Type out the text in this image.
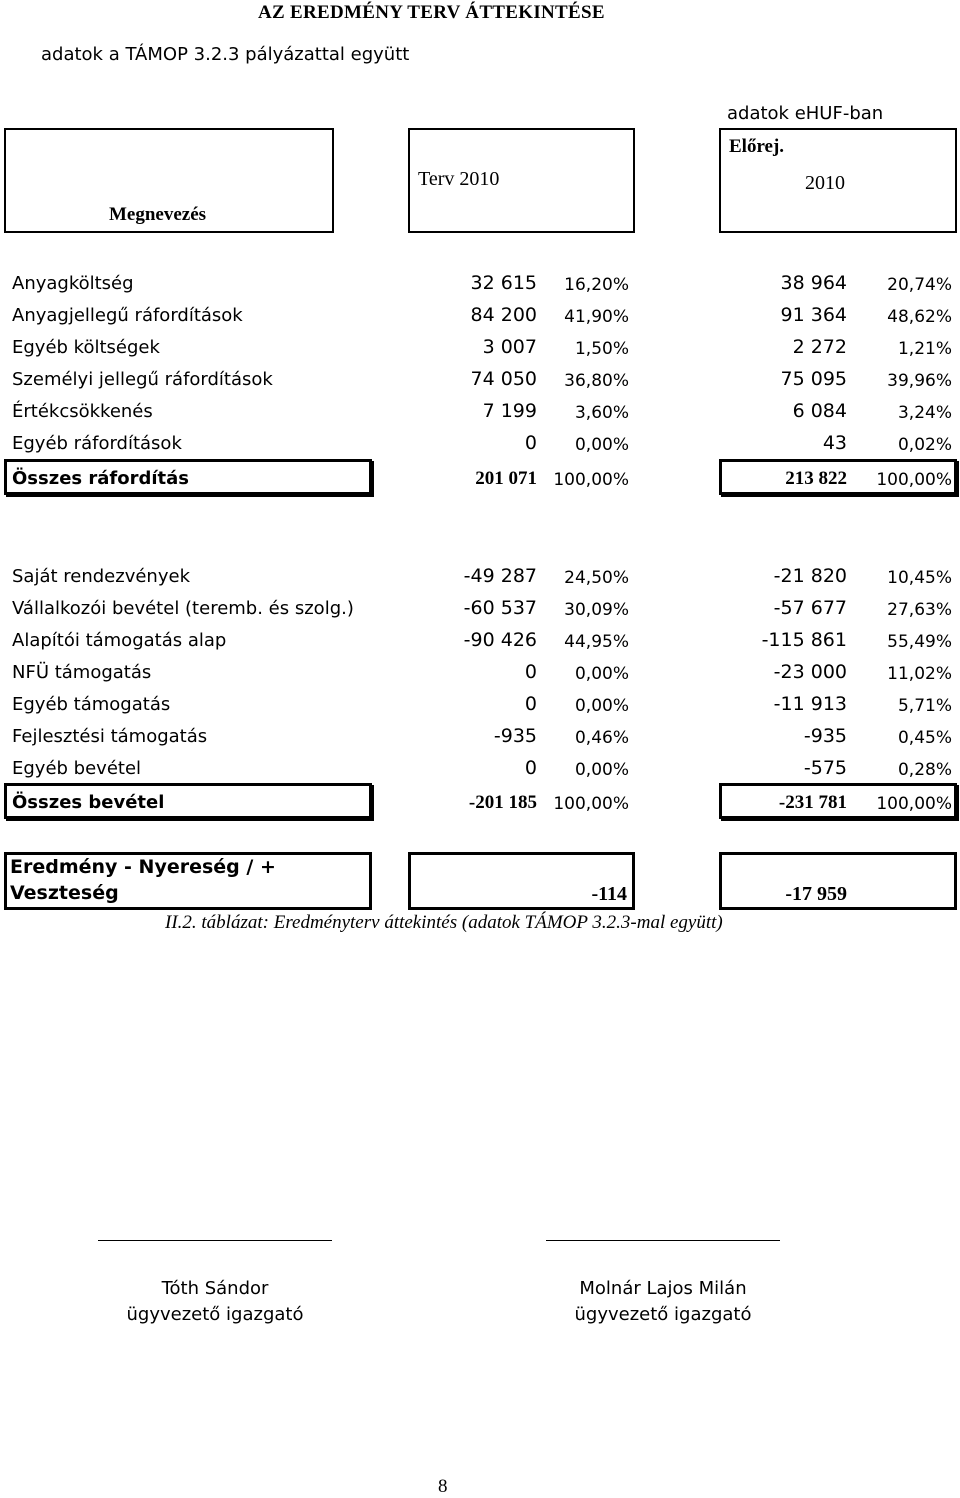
AZ EREDMÉNY TERV ÁTTEKINTÉSE
adatok a TÁMOP 3.2.3 pályázattal együtt
adatok eHUF-ban
Megnevezés
Terv 2010
Előrej.
2010
Anyagköltség	32 615 16,20%	38 964 20,74%
Anyagjellegű ráfordítások	84 200 41,90%	91 364 48,62%
Egyéb költségek	3 007 1,50%	2 272	1,21%
Személyi jellegű ráfordítások	74 050 36,80%	75 095 39,96%
Értékcsökkenés	7 199 3,60%	6 084	3,24%
Egyéb ráfordítások	0 0,00%	43	0,02%
Összes ráfordítás	201 071 100,00%	213 822 100,00%
Saját rendezvények	-49 287 24,50%	-21 820 10,45%
Vállalkozói bevétel (teremb. és szolg.)	-60 537 30,09%	-57 677 27,63%
Alapítói támogatás alap	-90 426 44,95%	-115 861 55,49%
NFÜ támogatás	0 0,00%	-23 000 11,02%
Egyéb támogatás	0 0,00%	-11 913	5,71%
Fejlesztési támogatás	-935 0,46%	-935	0,45%
Egyéb bevétel	0 0,00%	-575	0,28%
Összes bevétel	-201 185 100,00%	-231 781 100,00%
Eredmény - Nyereség / +
Veszteség	-114	-17 959
II.2. táblázat: Eredményterv áttekintés (adatok TÁMOP 3.2.3-mal együtt)
Tóth Sándor
ügyvezető igazgató
Molnár Lajos Milán
ügyvezető igazgató
8
